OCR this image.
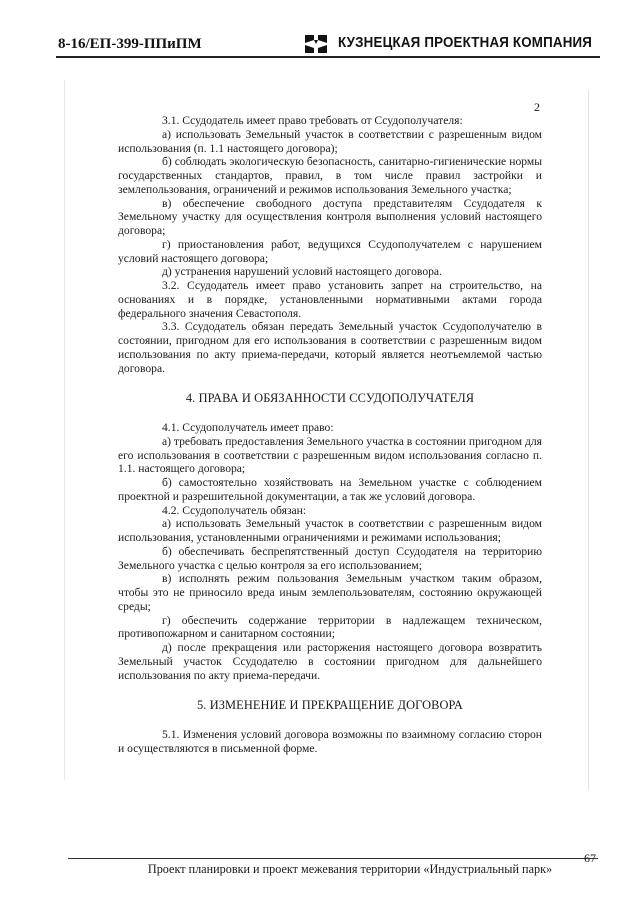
8-16/ЕП-399-ППиПМ	КУЗНЕЦКАЯ ПРОЕКТНАЯ КОМПАНИЯ
2

3.1. Ссудодатель имеет право требовать от Ссудополучателя:

а) использовать Земельный участок в соответствии с разрешенным видом использования (п. 1.1 настоящего договора);

б) соблюдать экологическую безопасность, санитарно-гигиенические нормы государственных стандартов, правил, в том числе правил застройки и землепользования, ограничений и режимов использования Земельного участка;

в) обеспечение свободного доступа представителям Ссудодателя к Земельному участку для осуществления контроля выполнения условий настоящего договора;

г) приостановления работ, ведущихся Ссудополучателем с нарушением условий настоящего договора;

д) устранения нарушений условий настоящего договора.

3.2. Ссудодатель имеет право установить запрет на строительство, на основаниях и в порядке, установленными нормативными актами города федерального значения Севастополя.

3.3. Ссудодатель обязан передать Земельный участок Ссудополучателю в состоянии, пригодном для его использования в соответствии с разрешенным видом использования по акту приема-передачи, который является неотъемлемой частью договора.

4. ПРАВА И ОБЯЗАННОСТИ ССУДОПОЛУЧАТЕЛЯ

4.1. Ссудополучатель имеет право:

а) требовать предоставления Земельного участка в состоянии пригодном для его использования в соответствии с разрешенным видом использования согласно п. 1.1. настоящего договора;

б) самостоятельно хозяйствовать на Земельном участке с соблюдением проектной и разрешительной документации, а так же условий договора.

4.2. Ссудополучатель обязан:

а) использовать Земельный участок в соответствии с разрешенным видом использования, установленными ограничениями и режимами использования;

б) обеспечивать беспрепятственный доступ Ссудодателя на территорию Земельного участка с целью контроля за его использованием;

в) исполнять режим пользования Земельным участком таким образом, чтобы это не приносило вреда иным землепользователям, состоянию окружающей среды;

г) обеспечить содержание территории в надлежащем техническом, противопожарном и санитарном состоянии;

д) после прекращения или расторжения настоящего договора возвратить Земельный участок Ссудодателю в состоянии пригодном для дальнейшего использования по акту приема-передачи.

5. ИЗМЕНЕНИЕ И ПРЕКРАЩЕНИЕ ДОГОВОРА

5.1. Изменения условий договора возможны по взаимному согласию сторон и осуществляются в письменной форме.

67
Проект планировки и проект межевания территории «Индустриальный парк»
